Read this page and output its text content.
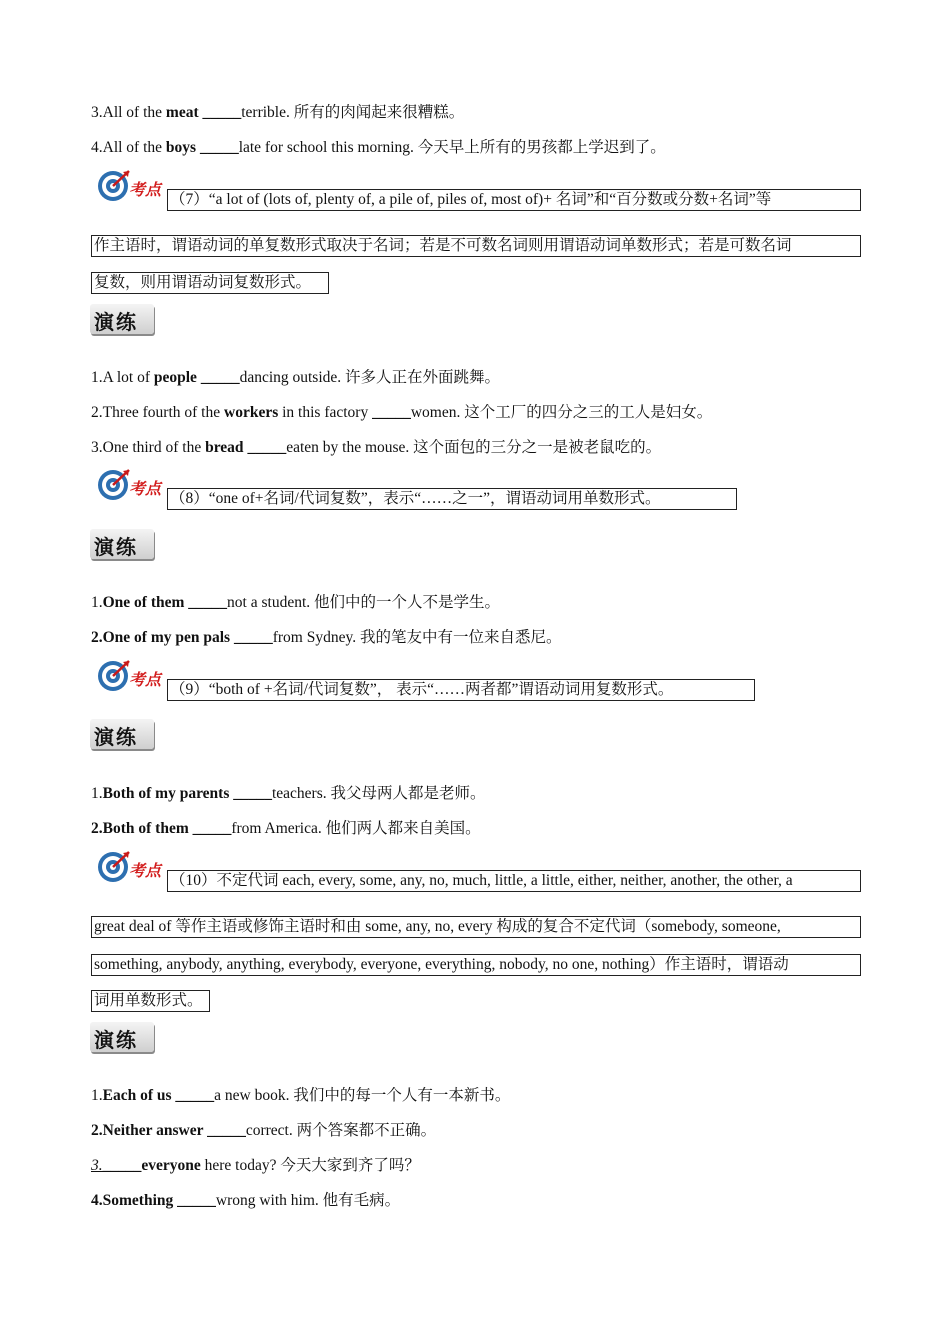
3.All of the meat _____terrible. 所有的肉闻起来很糟糕。
4.All of the boys _____late for school this morning. 今天早上所有的男孩都上学迟到了。
考点
（7）“a lot of (lots of, plenty of, a pile of, piles of, most of)+ 名词”和“百分数或分数+名词”等
作主语时，谓语动词的单复数形式取决于名词；若是不可数名词则用谓语动词单数形式；若是可数名词
复数，则用谓语动词复数形式。
演练
1.A lot of people _____dancing outside. 许多人正在外面跳舞。
2.Three fourth of the workers in this factory _____women. 这个工厂的四分之三的工人是妇女。
3.One third of the bread _____eaten by the mouse. 这个面包的三分之一是被老鼠吃的。
考点
（8）“one of+名词/代词复数”，表示“……之一”，谓语动词用单数形式。
演练
1.One of them _____not a student. 他们中的一个人不是学生。
2.One of my pen pals _____from Sydney. 我的笔友中有一位来自悉尼。
考点
（9）“both of +名词/代词复数”， 表示“……两者都”谓语动词用复数形式。
演练
1.Both of my parents _____teachers. 我父母两人都是老师。
2.Both of them _____from America. 他们两人都来自美国。
考点
（10）不定代词 each, every, some, any, no, much, little, a little, either, neither, another, the other, a
great deal of 等作主语或修饰主语时和由 some, any, no, every 构成的复合不定代词（somebody, someone,
something, anybody, anything, everybody, everyone, everything, nobody, no one, nothing）作主语时，谓语动
词用单数形式。
演练
1.Each of us _____a new book. 我们中的每一个人有一本新书。
2.Neither answer _____correct. 两个答案都不正确。
3._____everyone here today? 今天大家到齐了吗？
4.Something _____wrong with him. 他有毛病。
